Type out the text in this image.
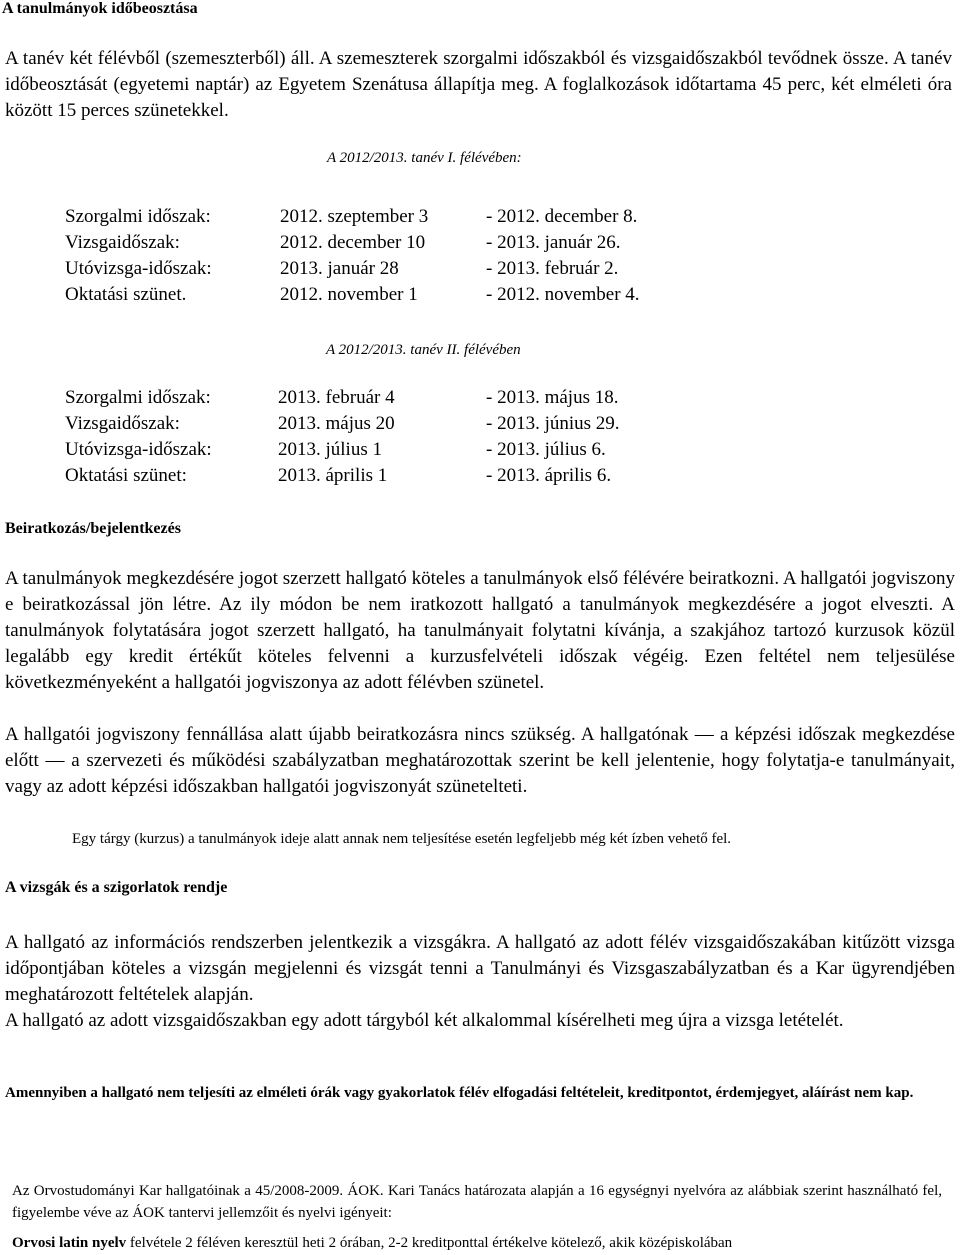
A tanulmányok időbeosztása
A tanév két félévből (szemeszterből) áll. A szemeszterek szorgalmi időszakból és vizsgaidőszakból tevődnek össze. A tanév időbeosztását (egyetemi naptár) az Egyetem Szenátusa állapítja meg. A foglalkozások időtartama 45 perc, két elméleti óra között 15 perces szünetekkel.
A 2012/2013. tanév I. félévében:
Szorgalmi időszak:	2012. szeptember 3	- 2012. december 8.
Vizsgaidőszak:	2012. december 10	- 2013. január 26.
Utóvizsga-időszak:	2013. január 28	- 2013. február 2.
Oktatási szünet.	2012. november 1	- 2012. november 4.
A 2012/2013. tanév II. félévében
Szorgalmi időszak:	2013. február 4	- 2013. május 18.
Vizsgaidőszak:	2013. május 20	- 2013. június 29.
Utóvizsga-időszak:	2013. július 1	- 2013. július 6.
Oktatási szünet:	2013. április 1	- 2013. április 6.
Beiratkozás/bejelentkezés
A tanulmányok megkezdésére jogot szerzett hallgató köteles a tanulmányok első félévére beiratkozni. A hallgatói jogviszony e beiratkozással jön létre. Az ily módon be nem iratkozott hallgató a tanulmányok megkezdésére a jogot elveszti. A tanulmányok folytatására jogot szerzett hallgató, ha tanulmányait folytatni kívánja, a szakjához tartozó kurzusok közül legalább egy kredit értékűt köteles felvenni a kurzusfelvételi időszak végéig. Ezen feltétel nem teljesülése következményeként a hallgatói jogviszonya az adott félévben szünetel.
A hallgatói jogviszony fennállása alatt újabb beiratkozásra nincs szükség. A hallgatónak — a képzési időszak megkezdése előtt — a szervezeti és működési szabályzatban meghatározottak szerint be kell jelentenie, hogy folytatja-e tanulmányait, vagy az adott képzési időszakban hallgatói jogviszonyát szünetelteti.
Egy tárgy (kurzus) a tanulmányok ideje alatt annak nem teljesítése esetén legfeljebb még két ízben vehető fel.
A vizsgák és a szigorlatok rendje
A hallgató az információs rendszerben jelentkezik a vizsgákra. A hallgató az adott félév vizsgaidőszakában kitűzött vizsga időpontjában köteles a vizsgán megjelenni és vizsgát tenni a Tanulmányi és Vizsgaszabályzatban és a Kar ügyrendjében meghatározott feltételek alapján.
A hallgató az adott vizsgaidőszakban egy adott tárgyból két alkalommal kísérelheti meg újra a vizsga letételét.
Amennyiben a hallgató nem teljesíti az elméleti órák vagy gyakorlatok félév elfogadási feltételeit, kreditpontot, érdemjegyet, aláírást nem kap.
Az Orvostudományi Kar hallgatóinak a 45/2008-2009. ÁOK. Kari Tanács határozata alapján a 16 egységnyi nyelvóra az alábbiak szerint használható fel, figyelembe véve az ÁOK tantervi jellemzőit és nyelvi igényeit:
Orvosi latin nyelv felvétele 2 féléven keresztül heti 2 órában, 2-2 kreditponttal értékelve kötelező, akik középiskolában
